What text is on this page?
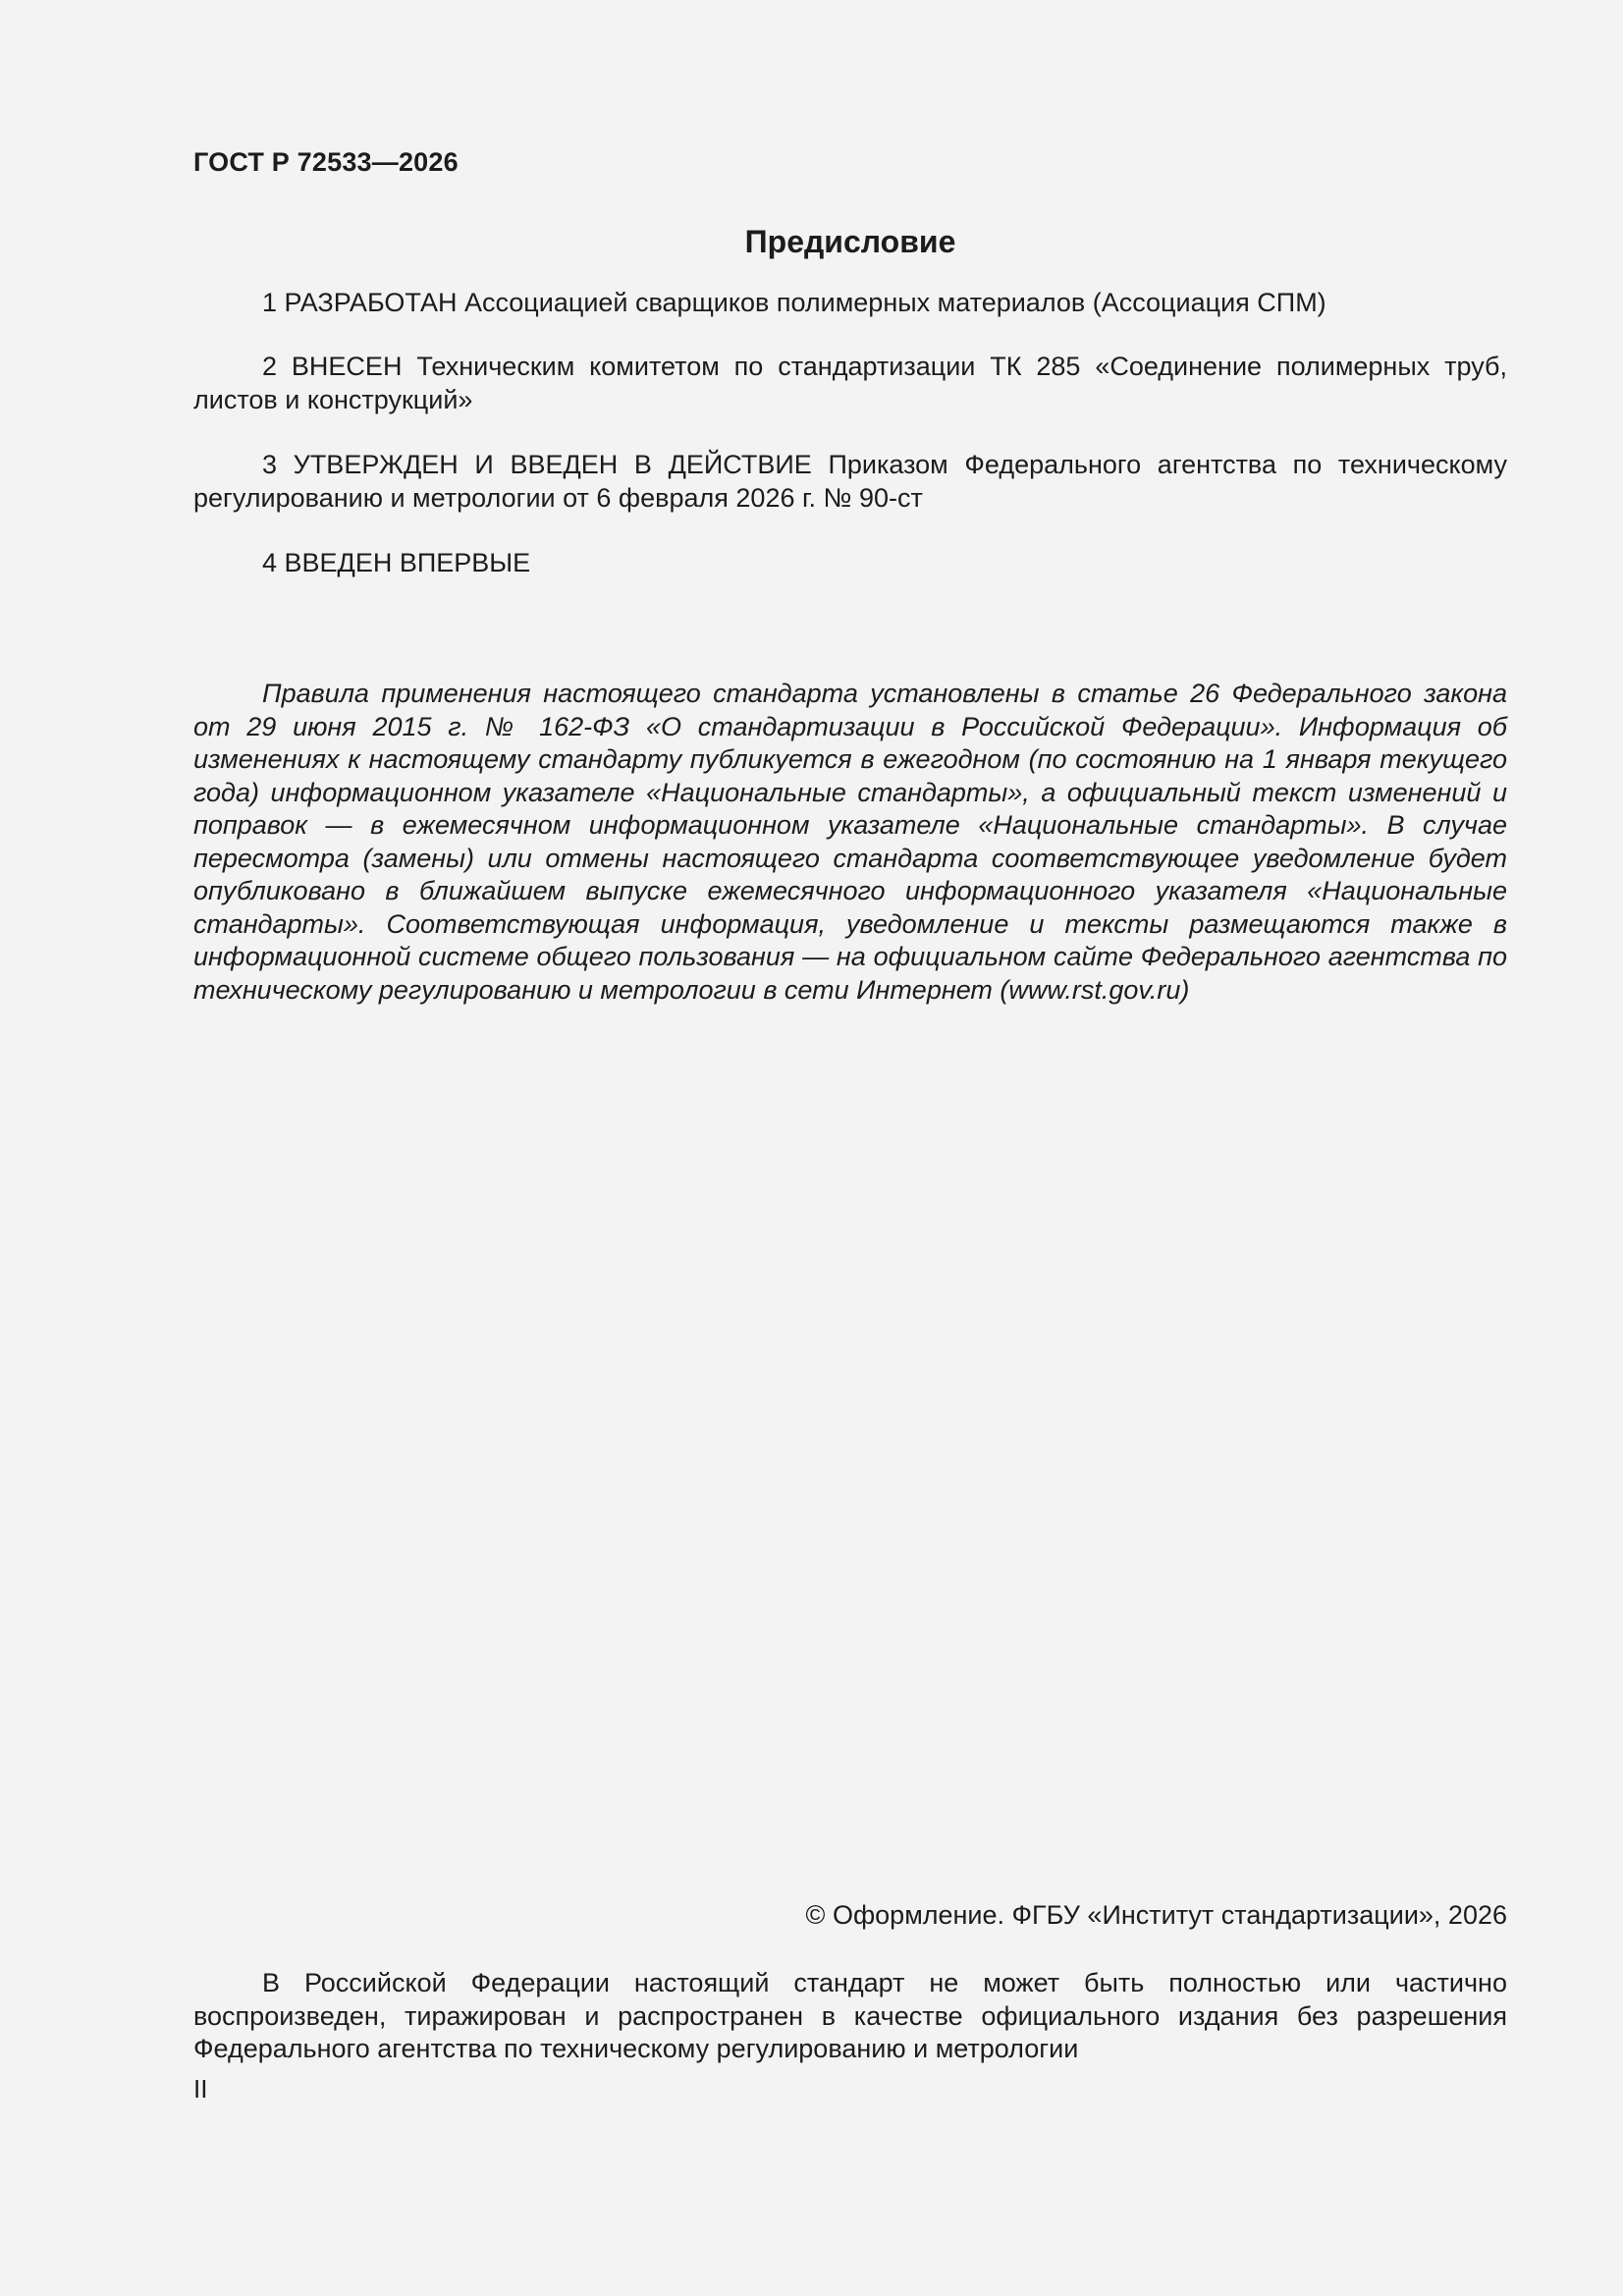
ГОСТ Р 72533—2026
Предисловие

1 РАЗРАБОТАН Ассоциацией сварщиков полимерных материалов (Ассоциация СПМ)

2 ВНЕСЕН Техническим комитетом по стандартизации ТК 285 «Соединение полимерных труб, листов и конструкций»

3 УТВЕРЖДЕН И ВВЕДЕН В ДЕЙСТВИЕ Приказом Федерального агентства по техническому регулированию и метрологии от 6 февраля 2026 г. № 90-ст

4 ВВЕДЕН ВПЕРВЫЕ

Правила применения настоящего стандарта установлены в статье 26 Федерального закона от 29 июня 2015 г. № 162-ФЗ «О стандартизации в Российской Федерации». Информация об изменениях к настоящему стандарту публикуется в ежегодном (по состоянию на 1 января текущего года) информационном указателе «Национальные стандарты», а официальный текст изменений и поправок — в ежемесячном информационном указателе «Национальные стандарты». В случае пересмотра (замены) или отмены настоящего стандарта соответствующее уведомление будет опубликовано в ближайшем выпуске ежемесячного информационного указателя «Национальные стандарты». Соответствующая информация, уведомление и тексты размещаются также в информационной системе общего пользования — на официальном сайте Федерального агентства по техническому регулированию и метрологии в сети Интернет (www.rst.gov.ru)

© Оформление. ФГБУ «Институт стандартизации», 2026

В Российской Федерации настоящий стандарт не может быть полностью или частично воспроизведен, тиражирован и распространен в качестве официального издания без разрешения Федерального агентства по техническому регулированию и метрологии

II
